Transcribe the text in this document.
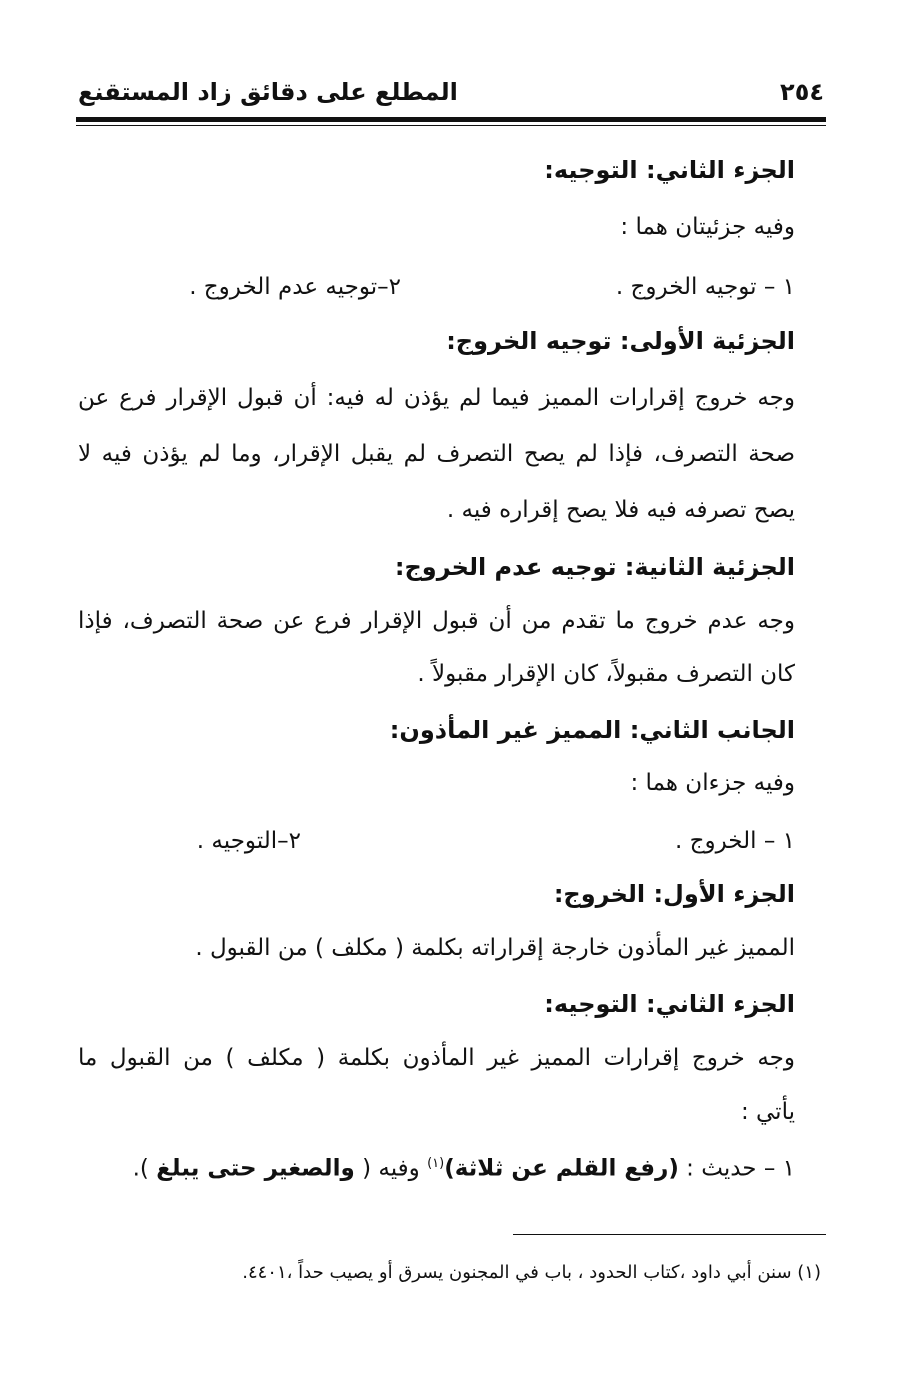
٢٥٤
المطلع على دقائق زاد المستقنع
الجزء الثاني: التوجيه:
وفيه جزئيتان هما :
١ – توجيه الخروج .
٢–توجيه عدم الخروج .
الجزئية الأولى: توجيه الخروج:
وجه خروج إقرارات المميز فيما لم يؤذن له فيه: أن قبول الإقرار فرع عن
صحة التصرف، فإذا لم يصح التصرف لم يقبل الإقرار، وما لم يؤذن فيه لا
يصح تصرفه فيه فلا يصح إقراره فيه .
الجزئية الثانية: توجيه عدم الخروج:
وجه عدم خروج ما تقدم من أن قبول الإقرار فرع عن صحة التصرف، فإذا
كان التصرف مقبولاً، كان الإقرار مقبولاً .
الجانب الثاني: المميز غير المأذون:
وفيه جزءان هما :
١ – الخروج .
٢–التوجيه .
الجزء الأول: الخروج:
المميز غير المأذون خارجة إقراراته بكلمة ( مكلف ) من القبول .
الجزء الثاني: التوجيه:
وجه خروج إقرارات المميز غير المأذون بكلمة ( مكلف ) من القبول ما
يأتي :
١ – حديث : (رفع القلم عن ثلاثة)$^{(١)}$ وفيه ( والصغير حتى يبلغ ).
(١) سنن أبي داود ،كتاب الحدود ، باب في المجنون يسرق أو يصيب حداً ،٤٤٠١.
